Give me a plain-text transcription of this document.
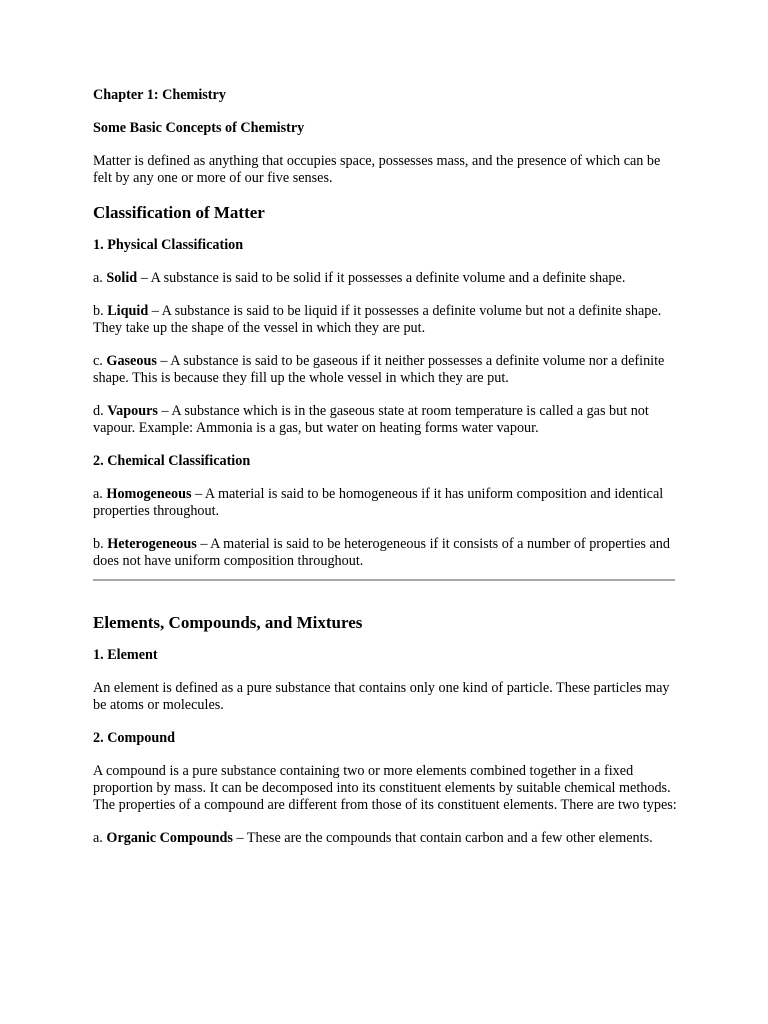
Chapter 1: Chemistry

Some Basic Concepts of Chemistry

Matter is defined as anything that occupies space, possesses mass, and the presence of which can be felt by any one or more of our five senses.

Classification of Matter

1. Physical Classification

a. Solid – A substance is said to be solid if it possesses a definite volume and a definite shape.

b. Liquid – A substance is said to be liquid if it possesses a definite volume but not a definite shape. They take up the shape of the vessel in which they are put.

c. Gaseous – A substance is said to be gaseous if it neither possesses a definite volume nor a definite shape. This is because they fill up the whole vessel in which they are put.

d. Vapours – A substance which is in the gaseous state at room temperature is called a gas but not vapour. Example: Ammonia is a gas, but water on heating forms water vapour.

2. Chemical Classification

a. Homogeneous – A material is said to be homogeneous if it has uniform composition and identical properties throughout.

b. Heterogeneous – A material is said to be heterogeneous if it consists of a number of properties and does not have uniform composition throughout.

Elements, Compounds, and Mixtures

1. Element

An element is defined as a pure substance that contains only one kind of particle. These particles may be atoms or molecules.

2. Compound

A compound is a pure substance containing two or more elements combined together in a fixed proportion by mass. It can be decomposed into its constituent elements by suitable chemical methods. The properties of a compound are different from those of its constituent elements. There are two types:

a. Organic Compounds – These are the compounds that contain carbon and a few other elements.
